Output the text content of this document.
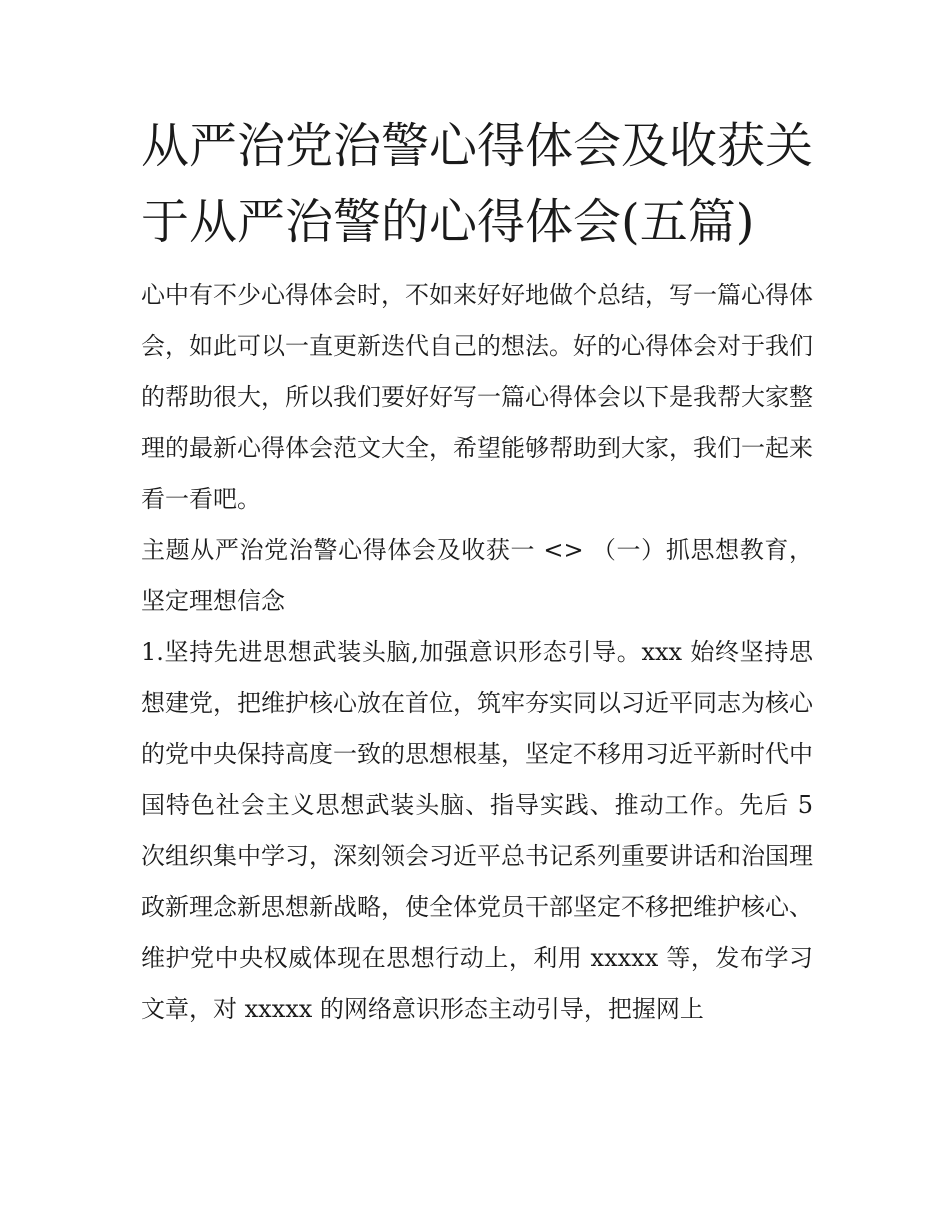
从严治党治警心得体会及收获关于从严治警的心得体会(五篇)

心中有不少心得体会时，不如来好好地做个总结，写一篇心得体会，如此可以一直更新迭代自己的想法。好的心得体会对于我们的帮助很大，所以我们要好好写一篇心得体会以下是我帮大家整理的最新心得体会范文大全，希望能够帮助到大家，我们一起来看一看吧。

主题从严治党治警心得体会及收获一 <> （一）抓思想教育，坚定理想信念

1.坚持先进思想武装头脑,加强意识形态引导。xxx 始终坚持思想建党，把维护核心放在首位，筑牢夯实同以习近平同志为核心的党中央保持高度一致的思想根基，坚定不移用习近平新时代中国特色社会主义思想武装头脑、指导实践、推动工作。先后 5 次组织集中学习，深刻领会习近平总书记系列重要讲话和治国理政新理念新思想新战略，使全体党员干部坚定不移把维护核心、维护党中央权威体现在思想行动上，利用 xxxxx 等，发布学习文章，对 xxxxx 的网络意识形态主动引导，把握网上
